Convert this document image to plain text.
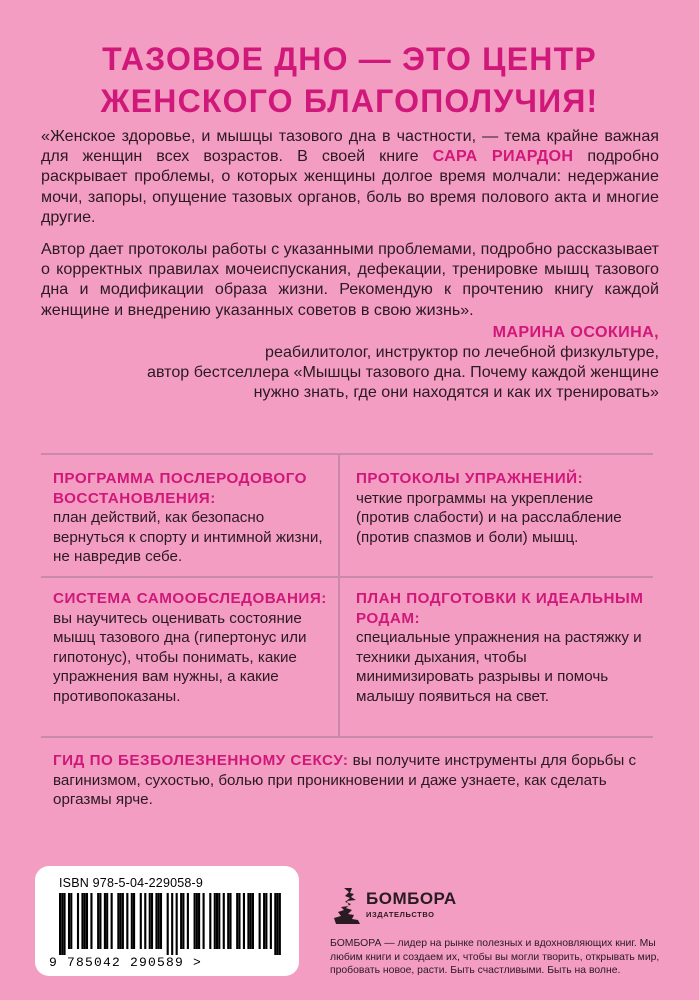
ТАЗОВОЕ ДНО — ЭТО ЦЕНТР
ЖЕНСКОГО БЛАГОПОЛУЧИЯ!

«Женское здоровье, и мышцы тазового дна в частности, — тема крайне важная для женщин всех возрастов. В своей книге САРА РИАРДОН подробно раскрывает проблемы, о которых женщины долгое время молчали: недержание мочи, запоры, опущение тазовых органов, боль во время полового акта и многие другие.

Автор дает протоколы работы с указанными проблемами, подробно рассказывает о корректных правилах мочеиспускания, дефекации, тренировке мышц тазового дна и модификации образа жизни. Рекомендую к прочтению книгу каждой женщине и внедрению указанных советов в свою жизнь».

МАРИНА ОСОКИНА,
реабилитолог, инструктор по лечебной физкультуре,
автор бестселлера «Мышцы тазового дна. Почему каждой женщине
нужно знать, где они находятся и как их тренировать»
ПРОГРАММА ПОСЛЕРОДОВОГО ВОССТАНОВЛЕНИЯ:
план действий, как безопасно вернуться к спорту и интимной жизни, не навредив себе.
ПРОТОКОЛЫ УПРАЖНЕНИЙ:
четкие программы на укрепление (против слабости) и на расслабление (против спазмов и боли) мышц.
СИСТЕМА САМООБСЛЕДОВАНИЯ:
вы научитесь оценивать состояние мышц тазового дна (гипертонус или гипотонус), чтобы понимать, какие упражнения вам нужны, а какие противопоказаны.
ПЛАН ПОДГОТОВКИ К ИДЕАЛЬНЫМ РОДАМ:
специальные упражнения на растяжку и техники дыхания, чтобы минимизировать разрывы и помочь малышу появиться на свет.
ГИД ПО БЕЗБОЛЕЗНЕННОМУ СЕКСУ: вы получите инструменты для борьбы с вагинизмом, сухостью, болью при проникновении и даже узнаете, как сделать оргазмы ярче.
ISBN 978-5-04-229058-9
9 785042 290589 >
БОМБОРА
ИЗДАТЕЛЬСТВО
БОМБОРА — лидер на рынке полезных и вдохновляющих книг. Мы любим книги и создаем их, чтобы вы могли творить, открывать мир, пробовать новое, расти. Быть счастливыми. Быть на волне.
